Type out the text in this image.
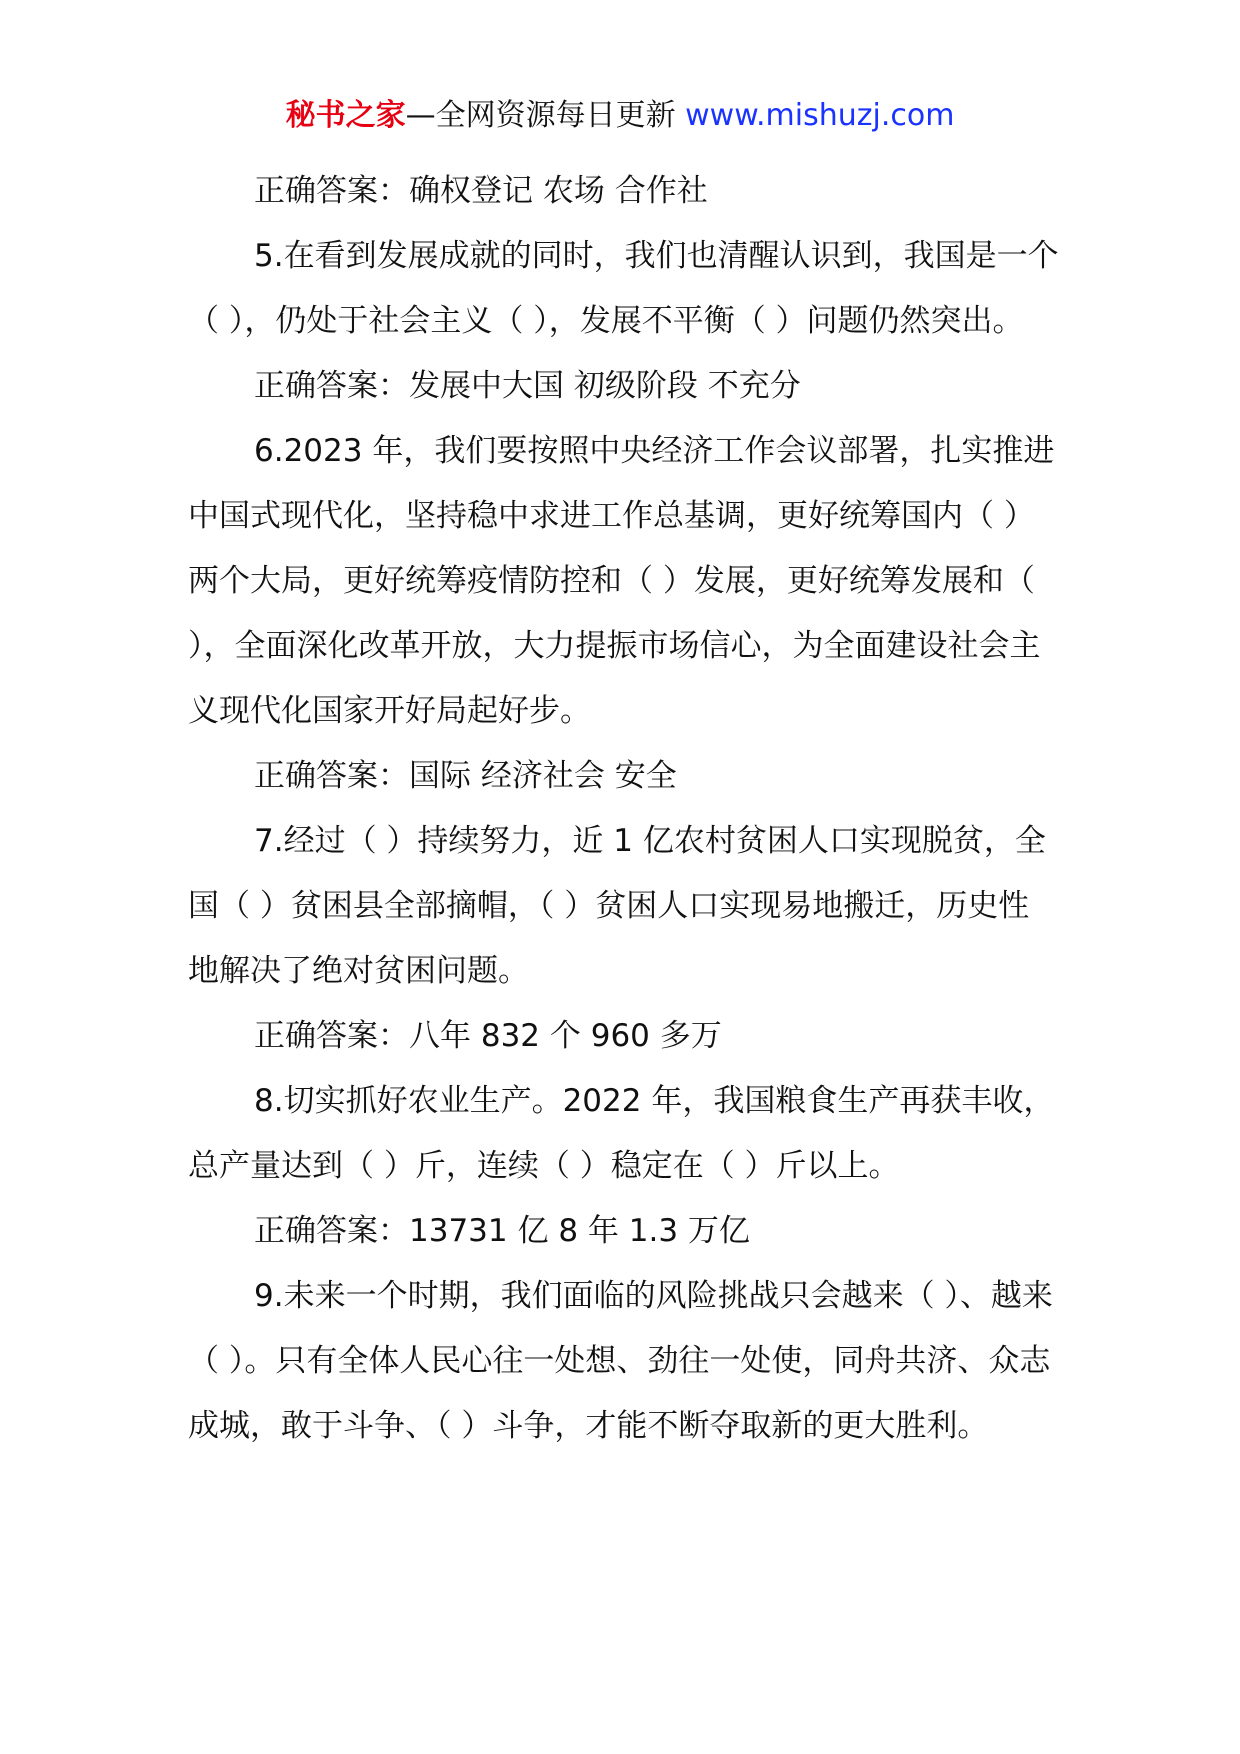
秘书之家—全网资源每日更新 www.mishuzj.com

正确答案：确权登记 农场 合作社

5.在看到发展成就的同时，我们也清醒认识到，我国是一个（ ），仍处于社会主义（ ），发展不平衡（ ）问题仍然突出。

正确答案：发展中大国 初级阶段 不充分

6.2023 年，我们要按照中央经济工作会议部署，扎实推进中国式现代化，坚持稳中求进工作总基调，更好统筹国内（ ）两个大局，更好统筹疫情防控和（ ）发展，更好统筹发展和（ ），全面深化改革开放，大力提振市场信心，为全面建设社会主义现代化国家开好局起好步。

正确答案：国际 经济社会 安全

7.经过（ ）持续努力，近 1 亿农村贫困人口实现脱贫，全国（ ）贫困县全部摘帽，（ ）贫困人口实现易地搬迁，历史性地解决了绝对贫困问题。

正确答案：八年 832 个 960 多万

8.切实抓好农业生产。2022 年，我国粮食生产再获丰收，总产量达到（ ）斤，连续（ ）稳定在（ ）斤以上。

正确答案：13731 亿 8 年 1.3 万亿

9.未来一个时期，我们面临的风险挑战只会越来（ ）、越来（ ）。只有全体人民心往一处想、劲往一处使，同舟共济、众志成城，敢于斗争、（ ）斗争，才能不断夺取新的更大胜利。
